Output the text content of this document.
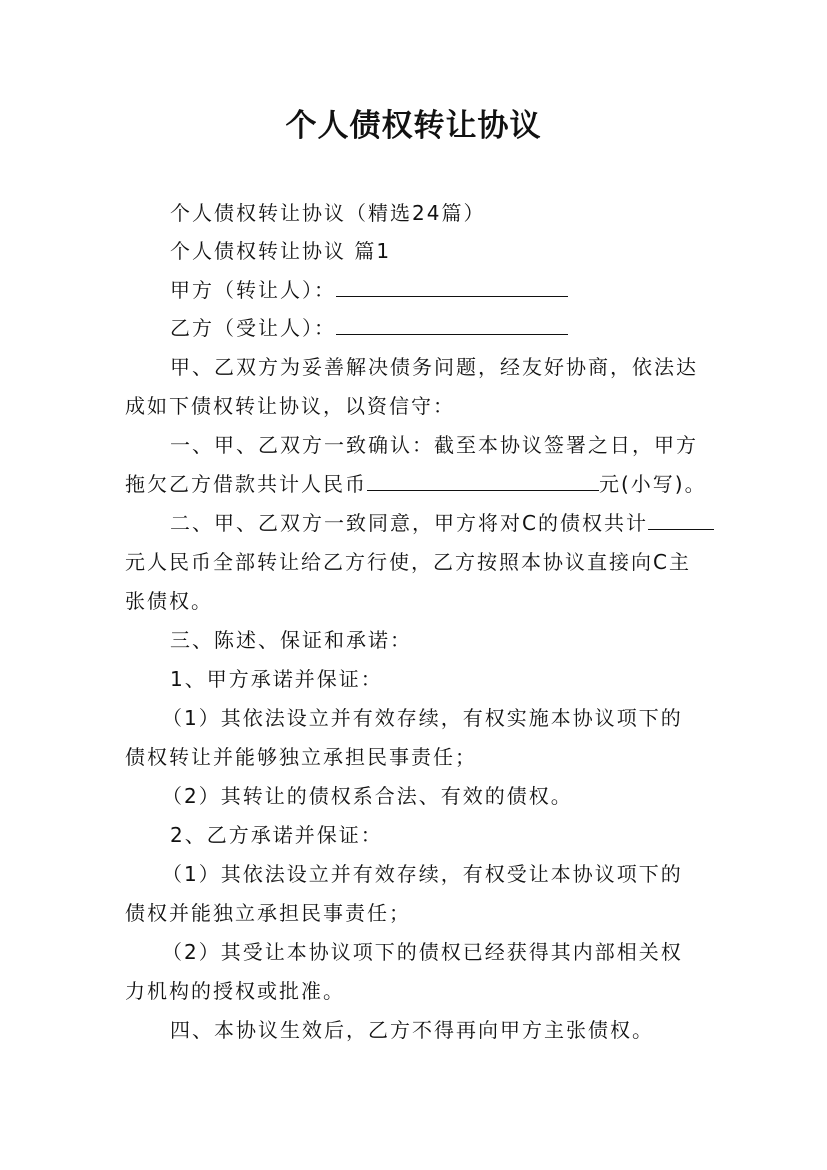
个人债权转让协议
个人债权转让协议（精选24篇）
个人债权转让协议 篇1
甲方（转让人）：
乙方（受让人）：
甲、乙双方为妥善解决债务问题，经友好协商，依法达
成如下债权转让协议，以资信守：
一、甲、乙双方一致确认：截至本协议签署之日，甲方
拖欠乙方借款共计人民币	元(小写)。
二、甲、乙双方一致同意，甲方将对C的债权共计
元人民币全部转让给乙方行使，乙方按照本协议直接向C主
张债权。
三、陈述、保证和承诺：
1、甲方承诺并保证：
（1）其依法设立并有效存续，有权实施本协议项下的
债权转让并能够独立承担民事责任；
（2）其转让的债权系合法、有效的债权。
2、乙方承诺并保证：
（1）其依法设立并有效存续，有权受让本协议项下的
债权并能独立承担民事责任；
（2）其受让本协议项下的债权已经获得其内部相关权
力机构的授权或批准。
四、本协议生效后，乙方不得再向甲方主张债权。
